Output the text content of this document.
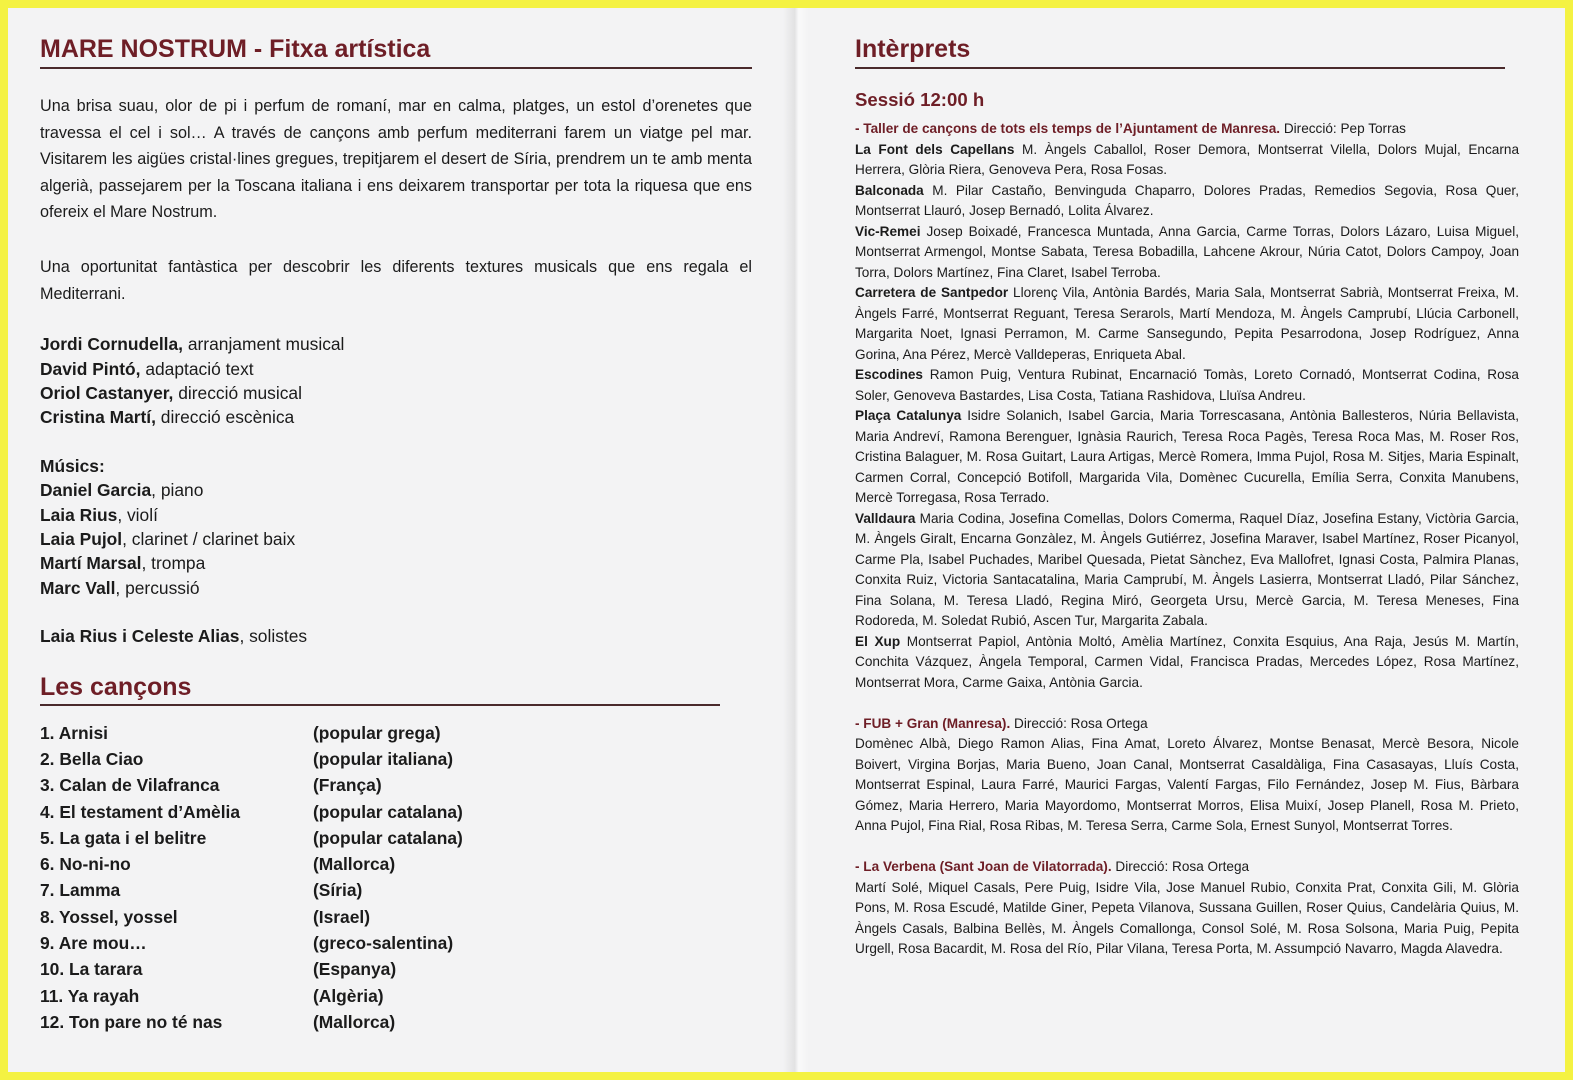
MARE NOSTRUM - Fitxa artística

Una brisa suau, olor de pi i perfum de romaní, mar en calma, platges, un estol d’orenetes que travessa el cel i sol… A través de cançons amb perfum mediterrani farem un viatge pel mar. Visitarem les aigües cristal·lines gregues, trepitjarem el desert de Síria, prendrem un te amb menta algerià, passejarem per la Toscana italiana i ens deixarem transportar per tota la riquesa que ens ofereix el Mare Nostrum.

Una oportunitat fantàstica per descobrir les diferents textures musicals que ens regala el Mediterrani.

Jordi Cornudella, arranjament musical
David Pintó, adaptació text
Oriol Castanyer, direcció musical
Cristina Martí, direcció escènica
Músics:
Daniel Garcia, piano
Laia Rius, violí
Laia Pujol, clarinet / clarinet baix
Martí Marsal, trompa
Marc Vall, percussió
Laia Rius i Celeste Alias, solistes
Les cançons
1. Arnisi	(popular grega)
2. Bella Ciao	(popular italiana)
3. Calan de Vilafranca	(França)
4. El testament d’Amèlia	(popular catalana)
5. La gata i el belitre	(popular catalana)
6. No-ni-no	(Mallorca)
7. Lamma	(Síria)
8. Yossel, yossel	(Israel)
9. Are mou…	(greco-salentina)
10. La tarara	(Espanya)
11. Ya rayah	(Algèria)
12. Ton pare no té nas	(Mallorca)
Intèrprets
Sessió 12:00 h

- Taller de cançons de tots els temps de l’Ajuntament de Manresa. Direcció: Pep Torras

La Font dels Capellans M. Àngels Caballol, Roser Demora, Montserrat Vilella, Dolors Mujal, Encarna Herrera, Glòria Riera, Genoveva Pera, Rosa Fosas.

Balconada M. Pilar Castaño, Benvinguda Chaparro, Dolores Pradas, Remedios Segovia, Rosa Quer, Montserrat Llauró, Josep Bernadó, Lolita Álvarez.

Vic-Remei Josep Boixadé, Francesca Muntada, Anna Garcia, Carme Torras, Dolors Lázaro, Luisa Miguel, Montserrat Armengol, Montse Sabata, Teresa Bobadilla, Lahcene Akrour, Núria Catot, Dolors Campoy, Joan Torra, Dolors Martínez, Fina Claret, Isabel Terroba.

Carretera de Santpedor Llorenç Vila, Antònia Bardés, Maria Sala, Montserrat Sabrià, Montserrat Freixa, M. Àngels Farré, Montserrat Reguant, Teresa Serarols, Martí Mendoza, M. Àngels Camprubí, Llúcia Carbonell, Margarita Noet, Ignasi Perramon, M. Carme Sansegundo, Pepita Pesarrodona, Josep Rodríguez, Anna Gorina, Ana Pérez, Mercè Valldeperas, Enriqueta Abal.

Escodines Ramon Puig, Ventura Rubinat, Encarnació Tomàs, Loreto Cornadó, Montserrat Codina, Rosa Soler, Genoveva Bastardes, Lisa Costa, Tatiana Rashidova, Lluïsa Andreu.

Plaça Catalunya Isidre Solanich, Isabel Garcia, Maria Torrescasana, Antònia Ballesteros, Núria Bellavista, Maria Andreví, Ramona Berenguer, Ignàsia Raurich, Teresa Roca Pagès, Teresa Roca Mas, M. Roser Ros, Cristina Balaguer, M. Rosa Guitart, Laura Artigas, Mercè Romera, Imma Pujol, Rosa M. Sitjes, Maria Espinalt, Carmen Corral, Concepció Botifoll, Margarida Vila, Domènec Cucurella, Emília Serra, Conxita Manubens, Mercè Torregasa, Rosa Terrado.

Valldaura Maria Codina, Josefina Comellas, Dolors Comerma, Raquel Díaz, Josefina Estany, Victòria Garcia, M. Àngels Giralt, Encarna Gonzàlez, M. Àngels Gutiérrez, Josefina Maraver, Isabel Martínez, Roser Picanyol, Carme Pla, Isabel Puchades, Maribel Quesada, Pietat Sànchez, Eva Mallofret, Ignasi Costa, Palmira Planas, Conxita Ruiz, Victoria Santacatalina, Maria Camprubí, M. Àngels Lasierra, Montserrat Lladó, Pilar Sánchez, Fina Solana, M. Teresa Lladó, Regina Miró, Georgeta Ursu, Mercè Garcia, M. Teresa Meneses, Fina Rodoreda, M. Soledat Rubió, Ascen Tur, Margarita Zabala.

El Xup Montserrat Papiol, Antònia Moltó, Amèlia Martínez, Conxita Esquius, Ana Raja, Jesús M. Martín, Conchita Vázquez, Àngela Temporal, Carmen Vidal, Francisca Pradas, Mercedes López, Rosa Martínez, Montserrat Mora, Carme Gaixa, Antònia Garcia.

- FUB + Gran (Manresa). Direcció: Rosa Ortega

Domènec Albà, Diego Ramon Alias, Fina Amat, Loreto Álvarez, Montse Benasat, Mercè Besora, Nicole Boivert, Virgina Borjas, Maria Bueno, Joan Canal, Montserrat Casaldàliga, Fina Casasayas, Lluís Costa, Montserrat Espinal, Laura Farré, Maurici Fargas, Valentí Fargas, Filo Fernández, Josep M. Fius, Bàrbara Gómez, Maria Herrero, Maria Mayordomo, Montserrat Morros, Elisa Muixí, Josep Planell, Rosa M. Prieto, Anna Pujol, Fina Rial, Rosa Ribas, M. Teresa Serra, Carme Sola, Ernest Sunyol, Montserrat Torres.

- La Verbena (Sant Joan de Vilatorrada). Direcció: Rosa Ortega

Martí Solé, Miquel Casals, Pere Puig, Isidre Vila, Jose Manuel Rubio, Conxita Prat, Conxita Gili, M. Glòria Pons, M. Rosa Escudé, Matilde Giner, Pepeta Vilanova, Sussana Guillen, Roser Quius, Candelària Quius, M. Àngels Casals, Balbina Bellès, M. Àngels Comallonga, Consol Solé, M. Rosa Solsona, Maria Puig, Pepita Urgell, Rosa Bacardit, M. Rosa del Río, Pilar Vilana, Teresa Porta, M. Assumpció Navarro, Magda Alavedra.
